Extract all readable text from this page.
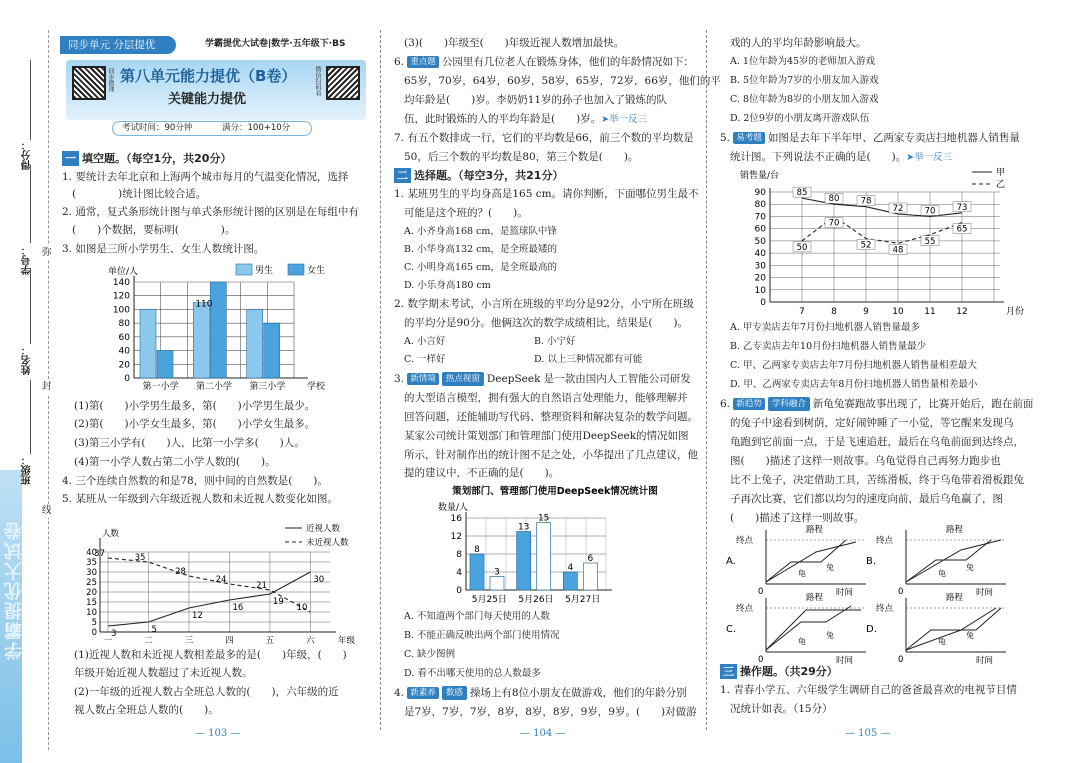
学霸提优大试卷
得分：
学号：
姓名：
班级：
弥
封
线
同步单元 分层提优	学霸提优大试卷|数学·五年级下·BS
同步微课	微信扫码看
第八单元能力提优（B卷）
关键能力提优
考试时间：90分钟	满分：100+10分
一 填空题。（每空1分，共20分）
1. 要统计去年北京和上海两个城市每月的气温变化情况，选择
(　　　　)统计图比较合适。
2. 通常，复式条形统计图与单式条形统计图的区别是在每组中有
(　　)个数据，要标明(　　　　)。
3. 如图是三所小学男生、女生人数统计图。
0
20
40
60
80
100
120
140
第一小学 第二小学 第三小学 学校
单位/人
110
男生	女生
(1)第(　　)小学男生最多，第(　　)小学男生最少。
(2)第(　　)小学女生最多，第(　　)小学女生最多。
(3)第三小学有(　　)人，比第一小学多(　　)人。
(4)第一小学人数占第二小学人数的(　　)。
4. 三个连续自然数的和是78，则中间的自然数是(　　)。
5. 某班从一年级到六年级近视人数和未近视人数变化如图。
0
5
10
15
20
25
30
35
40
一	二	三	四	五	六	年级
人数
3	5
12
16
19
30
37	35
28
24
21
10
近视人数
未近视人数
(1)近视人数和未近视人数相差最多的是(　　)年级，(　　)
年级开始近视人数超过了未近视人数。
(2)一年级的近视人数占全班总人数的(　　)，六年级的近
视人数占全班总人数的(　　)。
— 103 —
(3)(　　)年级至(　　)年级近视人数增加最快。
6. 重点题 公园里有几位老人在锻炼身体，他们的年龄情况如下：
65岁，70岁，64岁，60岁，58岁，65岁，72岁，66岁，他们的平
均年龄是(　　)岁。李奶奶11岁的孙子也加入了锻炼的队
伍，此时锻炼的人的平均年龄是(　　)岁。➤举一反三
7. 有五个数排成一行，它们的平均数是66，前三个数的平均数是
50，后三个数的平均数是80，第三个数是(　　)。
二 选择题。（每空3分，共21分）
1. 某班男生的平均身高是165 cm。请你判断，下面哪位男生最不
可能是这个班的？(　　)。
A. 小齐身高168 cm，是篮球队中锋
B. 小华身高132 cm，是全班最矮的
C. 小明身高165 cm，是全班最高的
D. 小乐身高180 cm
2. 数学期末考试，小言所在班级的平均分是92分，小宁所在班级
的平均分是90分。他俩这次的数学成绩相比，结果是(　　)。
A. 小言好	B. 小宁好
C. 一样好	D. 以上三种情况都有可能
3. 新情境 热点视窗 DeepSeek 是一款由国内人工智能公司研发
的大型语言模型，拥有强大的自然语言处理能力，能够理解并
回答问题，还能辅助写代码、整理资料和解决复杂的数学问题。
某家公司统计策划部门和管理部门使用DeepSeek的情况如图
所示，针对制作出的统计图不足之处，小华提出了几点建议，他
提的建议中，不正确的是(　　)。
策划部门、管理部门使用DeepSeek情况统计图
数量/人
0
4
8
12
16
8
3
5月25日
13
15
5月26日
4
6
5月27日
A. 不知道两个部门每天使用的人数
B. 不能正确反映出两个部门使用情况
C. 缺少图例
D. 看不出哪天使用的总人数最多
4. 新素养 数感 操场上有8位小朋友在做游戏，他们的年龄分别
是7岁，7岁，7岁，8岁，8岁，8岁，9岁，9岁。(　　)对做游
— 104 —
戏的人的平均年龄影响最大。
A. 1位年龄为45岁的老师加入游戏
B. 5位年龄为7岁的小朋友加入游戏
C. 8位年龄为8岁的小朋友加入游戏
D. 2位9岁的小朋友离开游戏队伍
5. 易考题 如图是去年下半年甲、乙两家专卖店扫地机器人销售量
统计图。下列说法不正确的是(　　)。➤举一反三
销售量/台
0
10
20
30
40
50
60
70
80
90
7	8	9	10 11 12	月份
85
80 78
72 70 73
50
70
52 48
55
65
甲
乙
A. 甲专卖店去年7月份扫地机器人销售量最多
B. 乙专卖店去年10月份扫地机器人销售量最少
C. 甲、乙两家专卖店去年7月份扫地机器人销售量相差最大
D. 甲、乙两家专卖店去年8月份扫地机器人销售量相差最小
6. 新趋势 学科融合 新龟兔赛跑故事出现了，比赛开始后，跑在前面
的兔子中途看到树荫，定好闹钟睡了一小觉，等它醒来发现乌
龟跑到它前面一点，于是飞速追赶，最后在乌龟前面到达终点，
图(　　)描述了这样一则故事。乌龟觉得自己再努力跑步也
比不上兔子，决定借助工具，苦练滑板，终于乌龟带着滑板跟兔
子再次比赛，它们都以均匀的速度向前，最后乌龟赢了，图
(　　)描述了这样一则故事。
路程
时间
终点
龟
兔
0
A.
路程
时间
终点
龟
兔
0
B.
路程
时间
终点
龟
兔
0
C.
路程
时间
终点
龟
兔
0
D.
三 操作题。（共29分）
1. 青春小学五、六年级学生调研自己的爸爸最喜欢的电视节目情
况统计如表。（15分）
— 105 —
